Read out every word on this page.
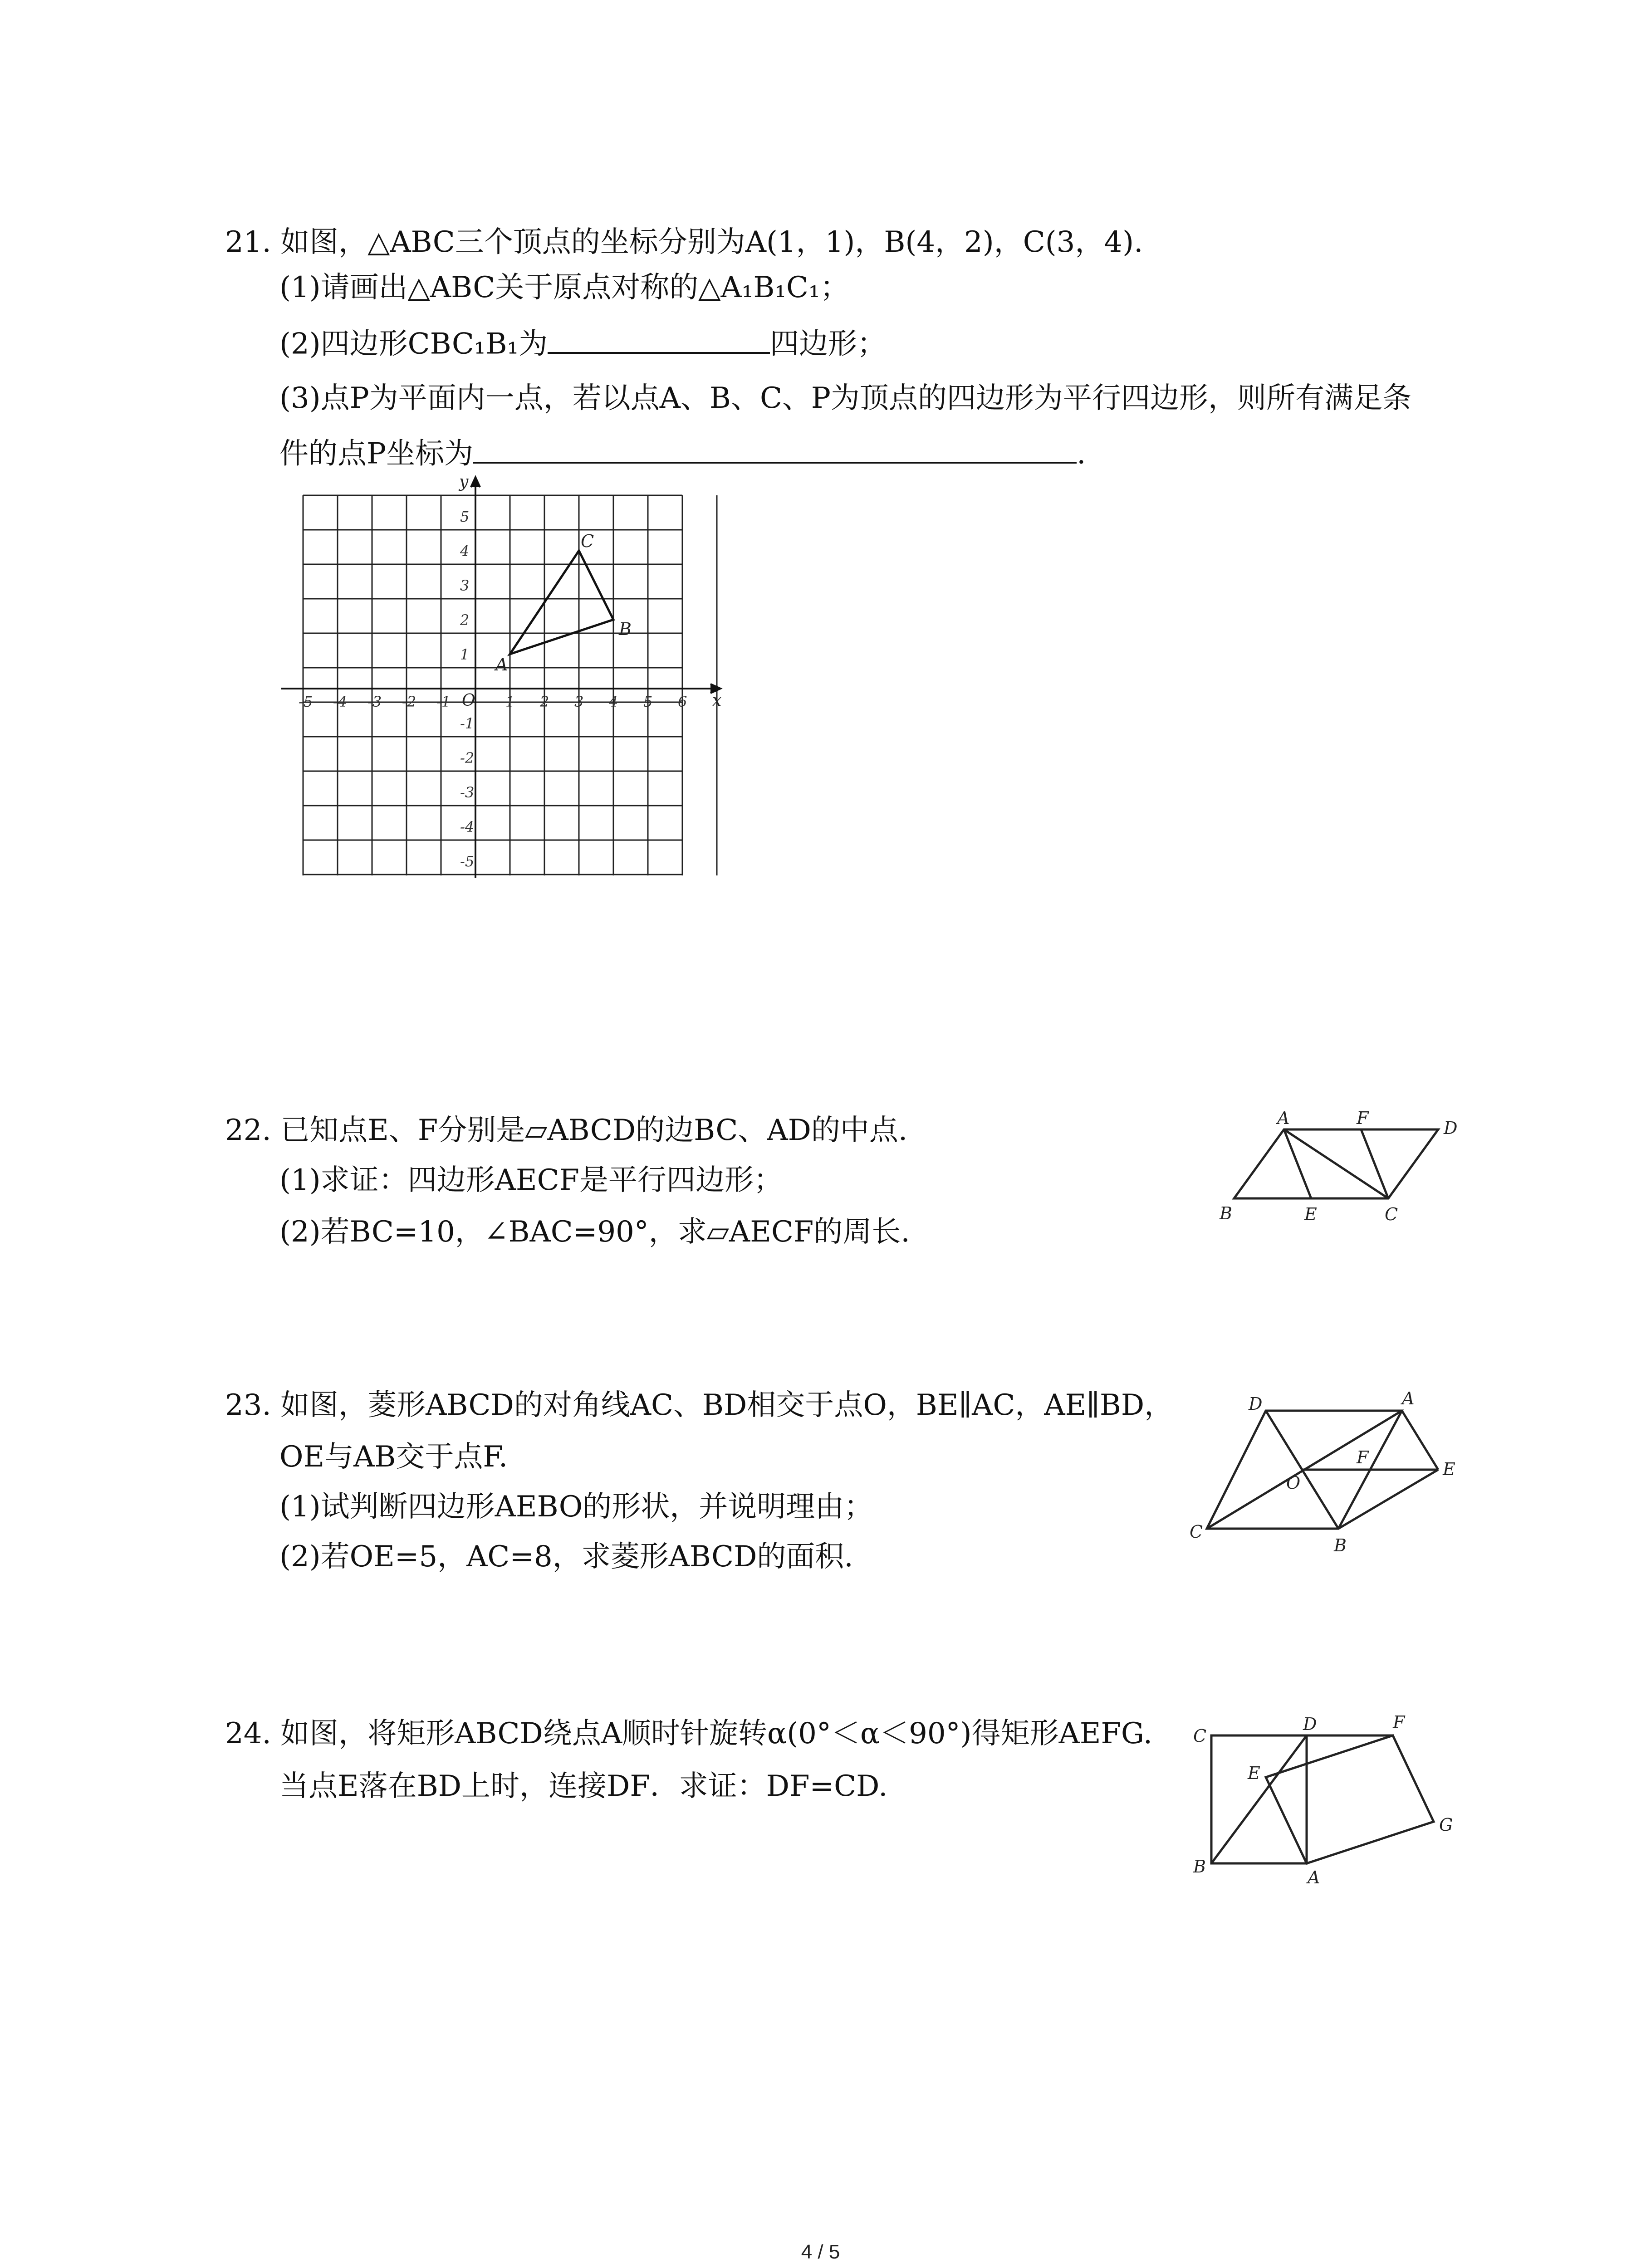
21. 如图，△ABC三个顶点的坐标分别为A(1，1)，B(4，2)，C(3，4).
(1)请画出△ABC关于原点对称的△A₁B₁C₁；
(2)四边形CBC₁B₁为	四边形；
(3)点P为平面内一点，若以点A、B、C、P为顶点的四边形为平行四边形，则所有满足条
件的点P坐标为	.
x
y
O
-5 -4 -3 -2 -1	1 2 3 4 5 6
5
4
3
2
1
-1
-2
-3
-4
-5
A
B
C
22. 已知点E、F分别是▱ABCD的边BC、AD的中点.
(1)求证：四边形AECF是平行四边形；
(2)若BC=10，∠BAC=90°，求▱AECF的周长.
A	F	D
B	E	C
23. 如图，菱形ABCD的对角线AC、BD相交于点O，BE∥AC，AE∥BD，
OE与AB交于点F.
(1)试判断四边形AEBO的形状，并说明理由；
(2)若OE=5，AC=8，求菱形ABCD的面积.
D	A
F
O
E
C
B
24. 如图，将矩形ABCD绕点A顺时针旋转α(0°＜α＜90°)得矩形AEFG.
当点E落在BD上时，连接DF．求证：DF=CD.
C
D	F
E
G
B
A
4 / 5
